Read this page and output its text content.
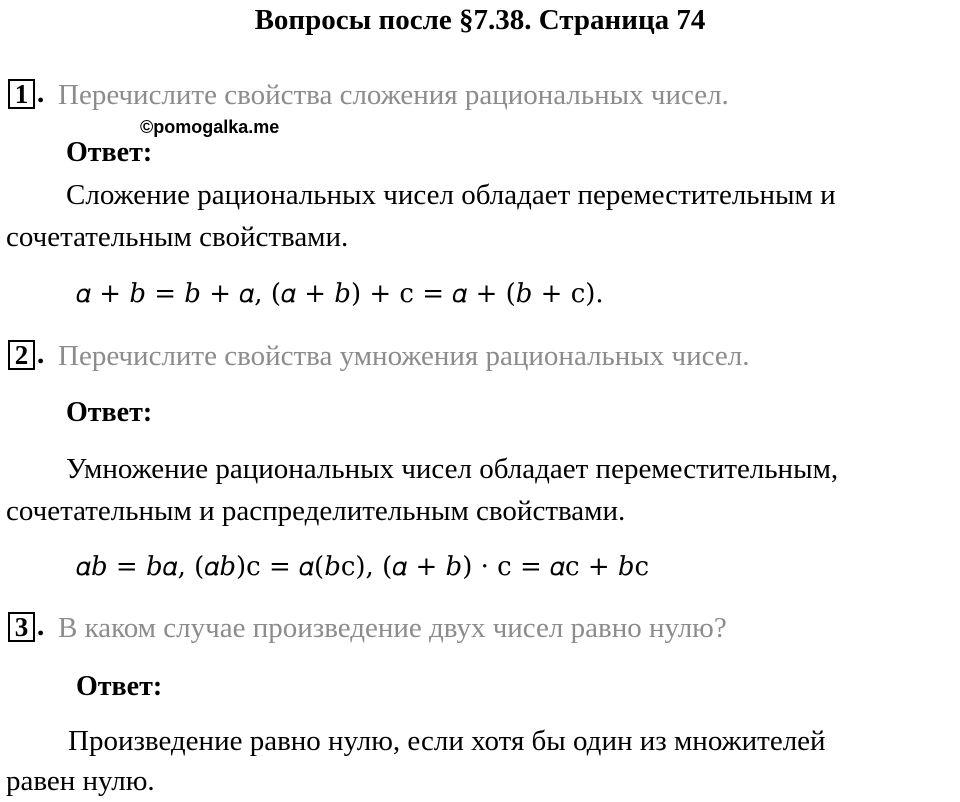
Вопросы после §7.38. Страница 74
1 . Перечислите свойства сложения рациональных чисел.
©pomogalka.me
Ответ:
Сложение рациональных чисел обладает переместительным и
сочетательным свойствами.
𝛼 + 𝑏 = 𝑏 + 𝛼, (𝛼 + 𝑏) + с = 𝛼 + (𝑏 + с).
2 . Перечислите свойства умножения рациональных чисел.
Ответ:
Умножение рациональных чисел обладает переместительным,
сочетательным и распределительным свойствами.
𝛼𝑏 = 𝑏𝛼, (𝛼𝑏)с = 𝛼(𝑏с), (𝛼 + 𝑏) · с = 𝛼с + 𝑏с
3 . В каком случае произведение двух чисел равно нулю?
Ответ:
Произведение равно нулю, если хотя бы один из множителей
равен нулю.
